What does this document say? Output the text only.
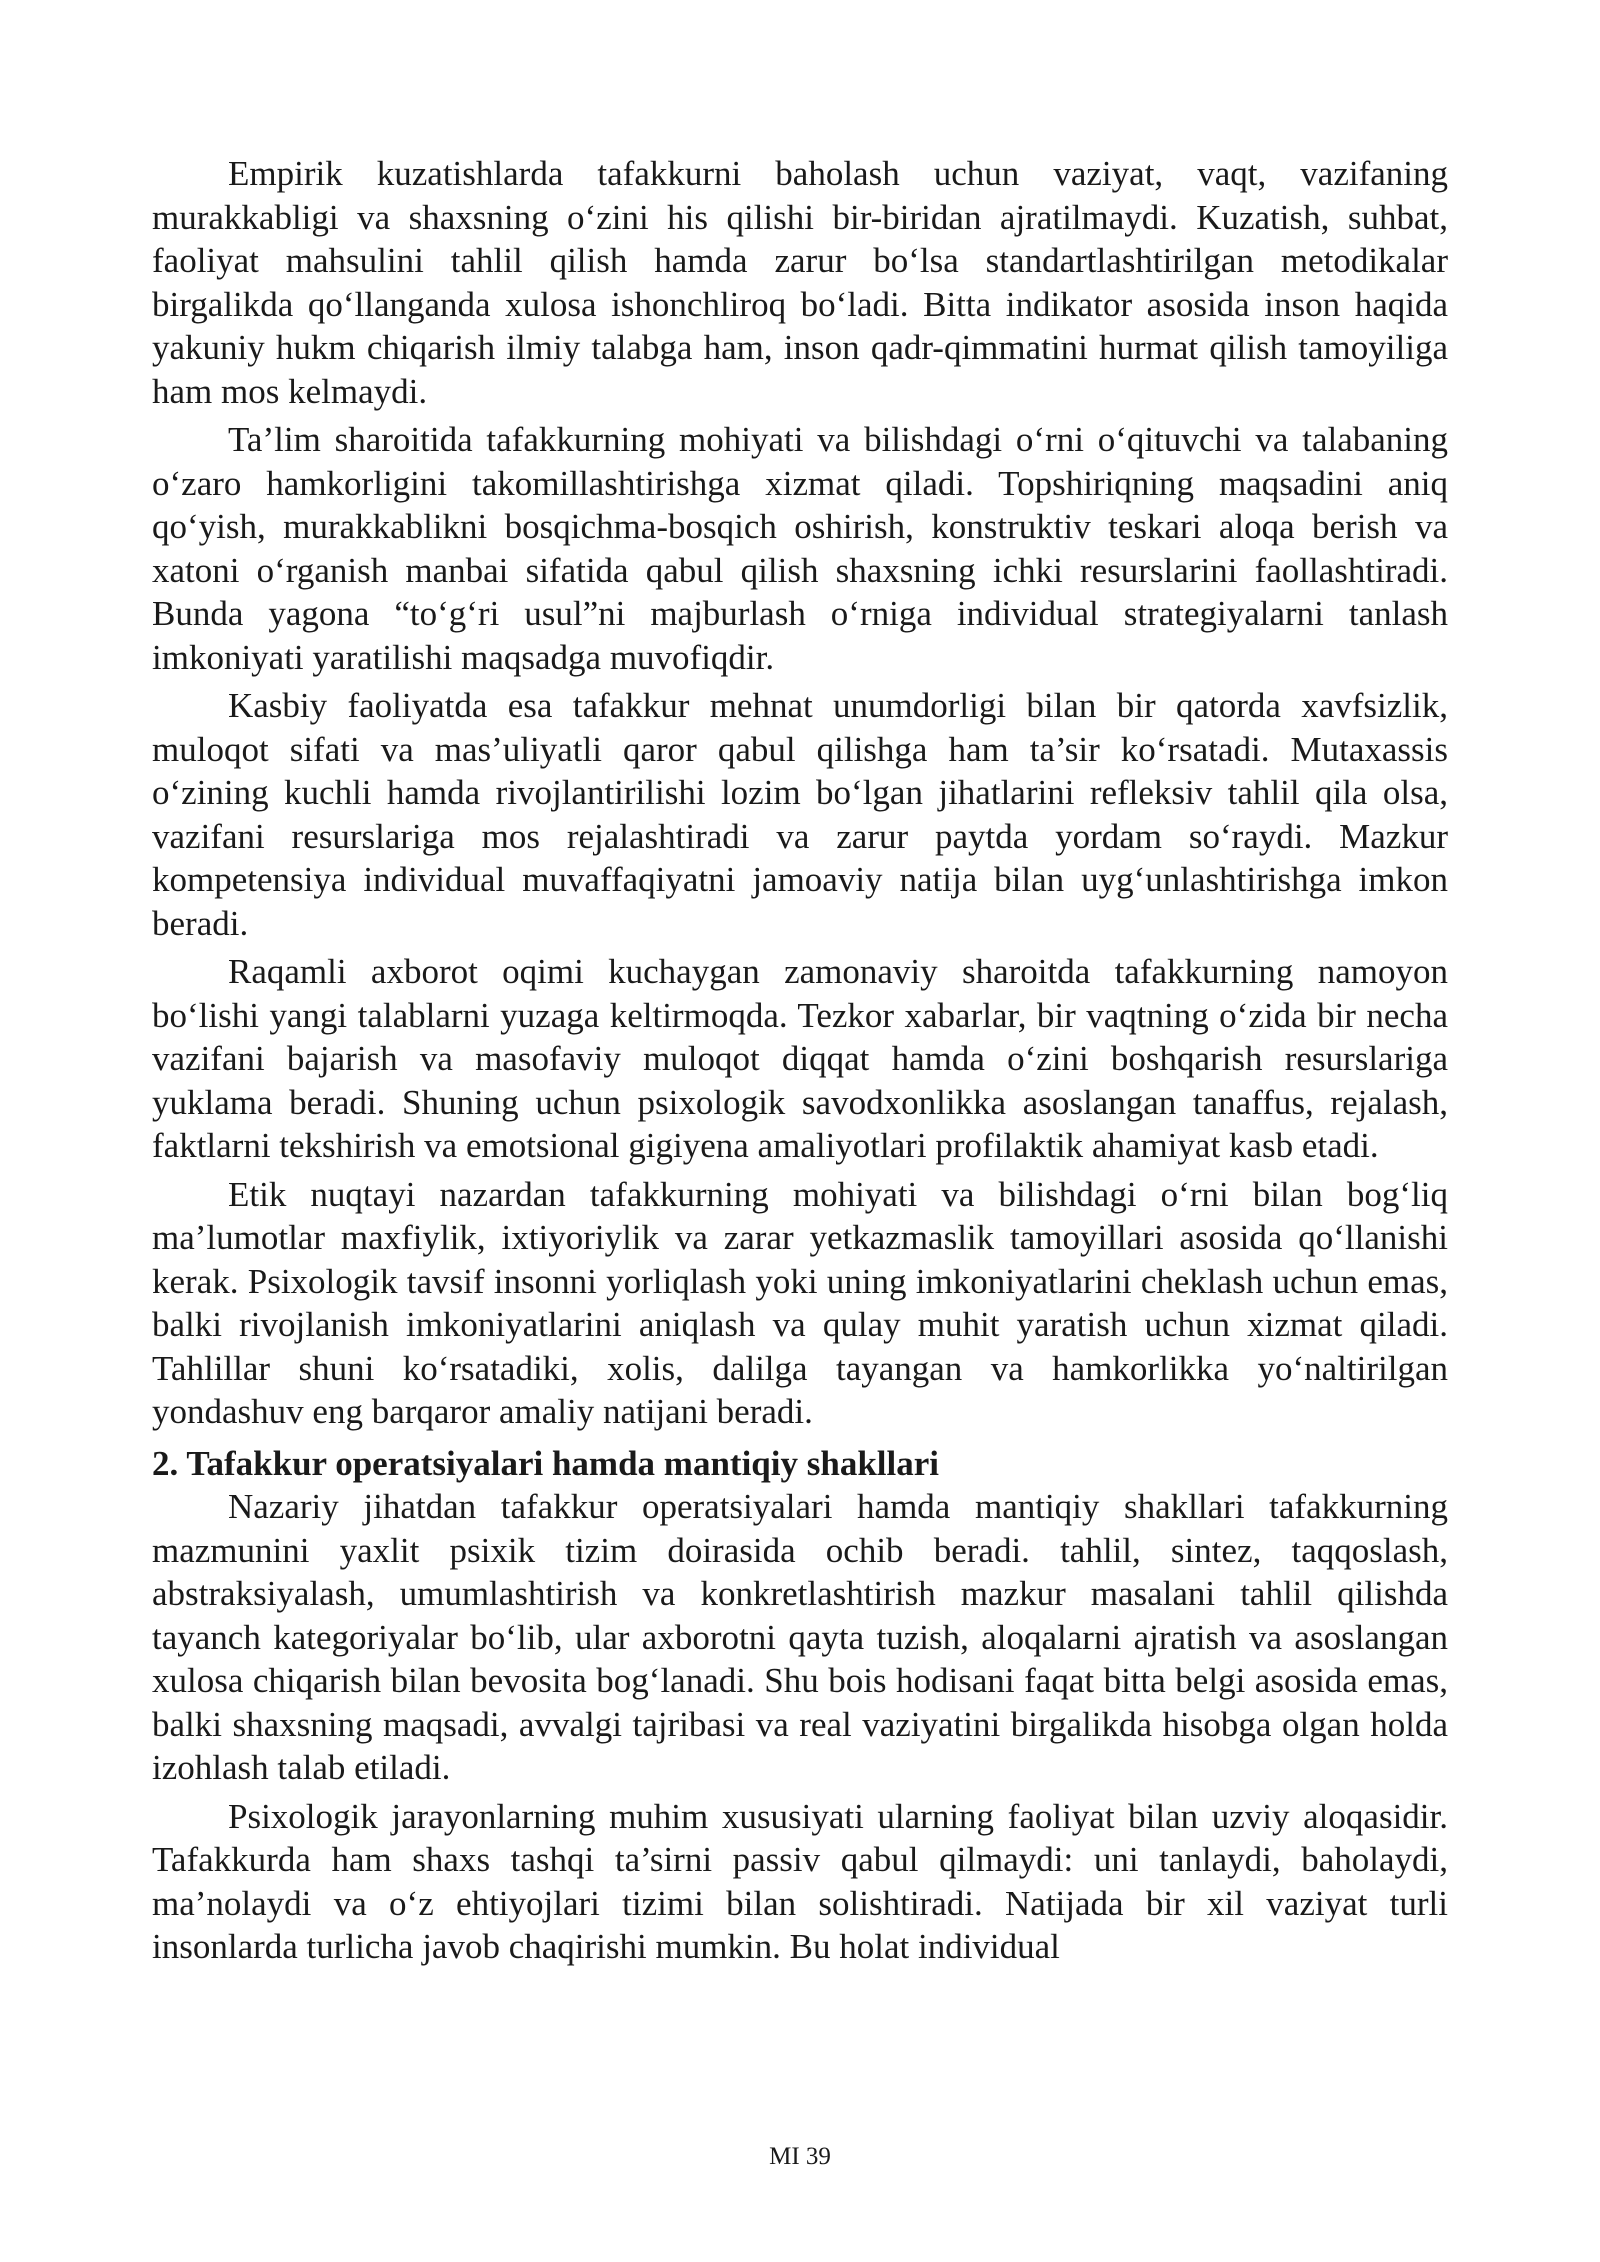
Empirik kuzatishlarda tafakkurni baholash uchun vaziyat, vaqt, vazifaning murakkabligi va shaxsning o‘zini his qilishi bir-biridan ajratilmaydi. Kuzatish, suhbat, faoliyat mahsulini tahlil qilish hamda zarur bo‘lsa standartlashtirilgan metodikalar birgalikda qo‘llanganda xulosa ishonchliroq bo‘ladi. Bitta indikator asosida inson haqida yakuniy hukm chiqarish ilmiy talabga ham, inson qadr-qimmatini hurmat qilish tamoyiliga ham mos kelmaydi.

Ta’lim sharoitida tafakkurning mohiyati va bilishdagi o‘rni o‘qituvchi va talabaning o‘zaro hamkorligini takomillashtirishga xizmat qiladi. Topshiriqning maqsadini aniq qo‘yish, murakkablikni bosqichma-bosqich oshirish, konstruktiv teskari aloqa berish va xatoni o‘rganish manbai sifatida qabul qilish shaxsning ichki resurslarini faollashtiradi. Bunda yagona “to‘g‘ri usul”ni majburlash o‘rniga individual strategiyalarni tanlash imkoniyati yaratilishi maqsadga muvofiqdir.

Kasbiy faoliyatda esa tafakkur mehnat unumdorligi bilan bir qatorda xavfsizlik, muloqot sifati va mas’uliyatli qaror qabul qilishga ham ta’sir ko‘rsatadi. Mutaxassis o‘zining kuchli hamda rivojlantirilishi lozim bo‘lgan jihatlarini refleksiv tahlil qila olsa, vazifani resurslariga mos rejalashtiradi va zarur paytda yordam so‘raydi. Mazkur kompetensiya individual muvaffaqiyatni jamoaviy natija bilan uyg‘unlashtirishga imkon beradi.

Raqamli axborot oqimi kuchaygan zamonaviy sharoitda tafakkurning namoyon bo‘lishi yangi talablarni yuzaga keltirmoqda. Tezkor xabarlar, bir vaqtning o‘zida bir necha vazifani bajarish va masofaviy muloqot diqqat hamda o‘zini boshqarish resurslariga yuklama beradi. Shuning uchun psixologik savodxonlikka asoslangan tanaffus, rejalash, faktlarni tekshirish va emotsional gigiyena amaliyotlari profilaktik ahamiyat kasb etadi.

Etik nuqtayi nazardan tafakkurning mohiyati va bilishdagi o‘rni bilan bog‘liq ma’lumotlar maxfiylik, ixtiyoriylik va zarar yetkazmaslik tamoyillari asosida qo‘llanishi kerak. Psixologik tavsif insonni yorliqlash yoki uning imkoniyatlarini cheklash uchun emas, balki rivojlanish imkoniyatlarini aniqlash va qulay muhit yaratish uchun xizmat qiladi. Tahlillar shuni ko‘rsatadiki, xolis, dalilga tayangan va hamkorlikka yo‘naltirilgan yondashuv eng barqaror amaliy natijani beradi.

2. Tafakkur operatsiyalari hamda mantiqiy shakllari

Nazariy jihatdan tafakkur operatsiyalari hamda mantiqiy shakllari tafakkurning mazmunini yaxlit psixik tizim doirasida ochib beradi. tahlil, sintez, taqqoslash, abstraksiyalash, umumlashtirish va konkretlashtirish mazkur masalani tahlil qilishda tayanch kategoriyalar bo‘lib, ular axborotni qayta tuzish, aloqalarni ajratish va asoslangan xulosa chiqarish bilan bevosita bog‘lanadi. Shu bois hodisani faqat bitta belgi asosida emas, balki shaxsning maqsadi, avvalgi tajribasi va real vaziyatini birgalikda hisobga olgan holda izohlash talab etiladi.

Psixologik jarayonlarning muhim xususiyati ularning faoliyat bilan uzviy aloqasidir. Tafakkurda ham shaxs tashqi ta’sirni passiv qabul qilmaydi: uni tanlaydi, baholaydi, ma’nolaydi va o‘z ehtiyojlari tizimi bilan solishtiradi. Natijada bir xil vaziyat turli insonlarda turlicha javob chaqirishi mumkin. Bu holat individual

MI 39
